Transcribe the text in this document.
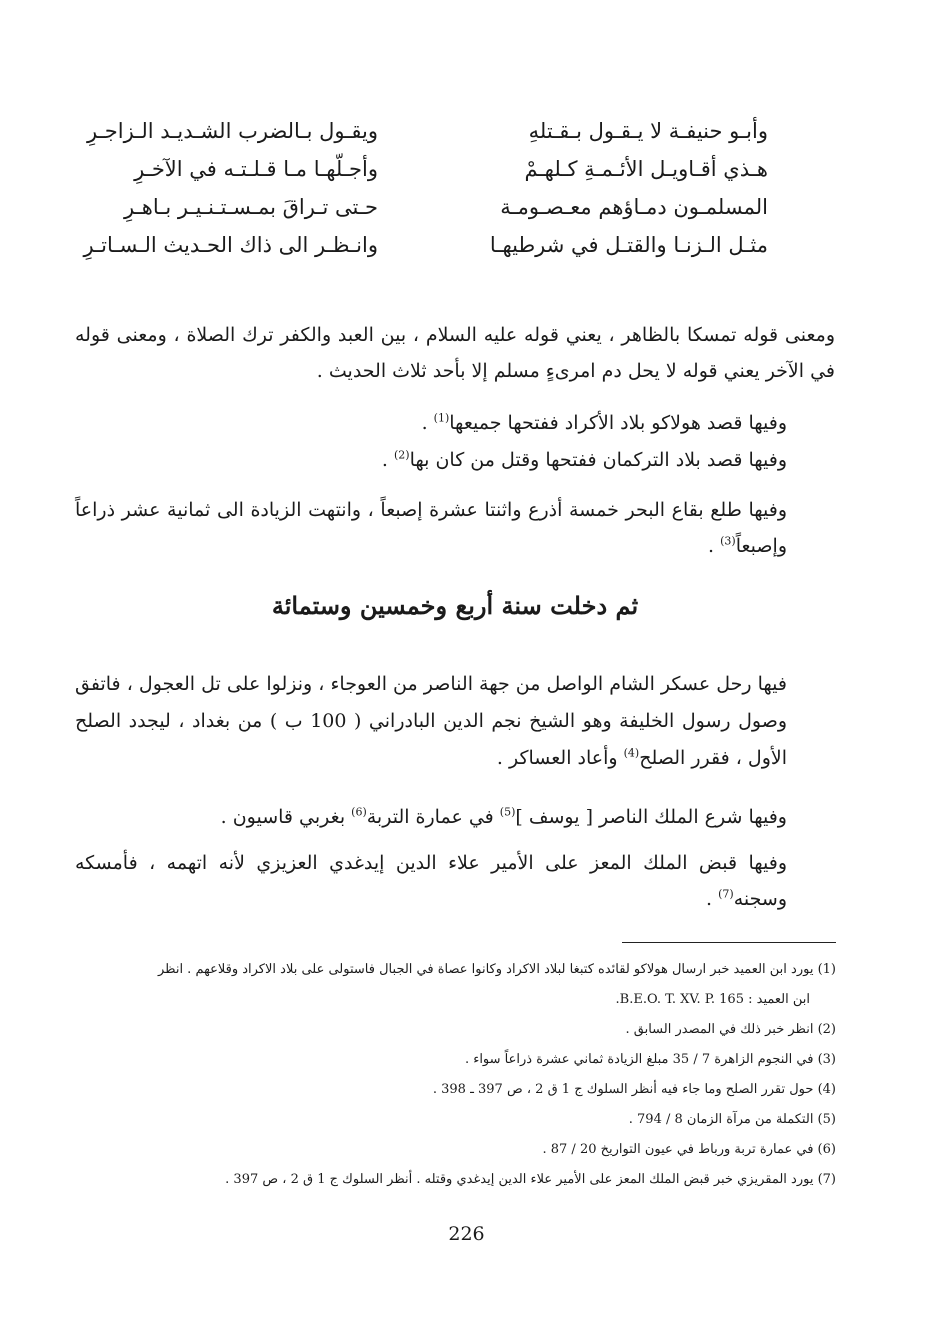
وأبـو حنيفـة لا يـقـول بـقـتلهِ
ويقـول بـالضرب الشـديـد الـزاجـرِ
هـذي أقـاويـل الأئـمـةِ كـلهـمْ
وأجـلّهـا مـا قـلـتـه في الآخـرِ
المسلمـون دمـاؤهم معـصـومـة
حـتى تـراقَ بمـسـتـنـيـر بـاهـرِ
مثـل الـزنـا والقتـل في شرطيهـا
وانـظـر الى ذاك الحـديث الـسـاتـرِ

ومعنى قوله تمسكا بالظاهر ، يعني قوله عليه السلام ، بين العبد والكفر ترك الصلاة ، ومعنى قوله في الآخر يعني قوله لا يحل دم امرىءٍ مسلم إلا بأحد ثلاث الحديث .

وفيها قصد هولاكو بلاد الأكراد ففتحها جميعها$^{(1)}$ .

وفيها قصد بلاد التركمان ففتحها وقتل من كان بها$^{(2)}$ .

وفيها طلع بقاع البحر خمسة أذرع واثنتا عشرة إصبعاً ، وانتهت الزيادة الى ثمانية عشر ذراعاً وإصبعاً$^{(3)}$ .

ثم دخلت سنة أربع وخمسين وستمائة

فيها رحل عسكر الشام الواصل من جهة الناصر من العوجاء ، ونزلوا على تل العجول ، فاتفق وصول رسول الخليفة وهو الشيخ نجم الدين البادراني ( 100 ب ) من بغداد ، ليجدد الصلح الأول ، فقرر الصلح$^{(4)}$ وأعاد العساكر .

وفيها شرع الملك الناصر [ يوسف ]$^{(5)}$ في عمارة التربة$^{(6)}$ بغربي قاسيون .

وفيها قبض الملك المعز على الأمير علاء الدين إيدغدي العزيزي لأنه اتهمه ، فأمسكه وسجنه$^{(7)}$ .

(1) يورد ابن العميد خبر ارسال هولاكو لقائده كتبغا لبلاد الاكراد وكانوا عصاة في الجبال فاستولى على بلاد الاكراد وقلاعهم . انظر
ابن العميد : B.E.O. T. XV. P. 165.
(2) انظر خبر ذلك في المصدر السابق .
(3) في النجوم الزاهرة 7 / 35 مبلغ الزيادة ثماني عشرة ذراعاً سواء .
(4) حول تقرر الصلح وما جاء فيه أنظر السلوك ج 1 ق 2 ، ص 397 ـ 398 .
(5) التكملة من مرآة الزمان 8 / 794 .
(6) في عمارة تربة ورباط في عيون التواريخ 20 / 87 .
(7) يورد المقريزي خبر قبض الملك المعز على الأمير علاء الدين إيدغدي وقتله . أنظر السلوك ج 1 ق 2 ، ص 397 .
226
